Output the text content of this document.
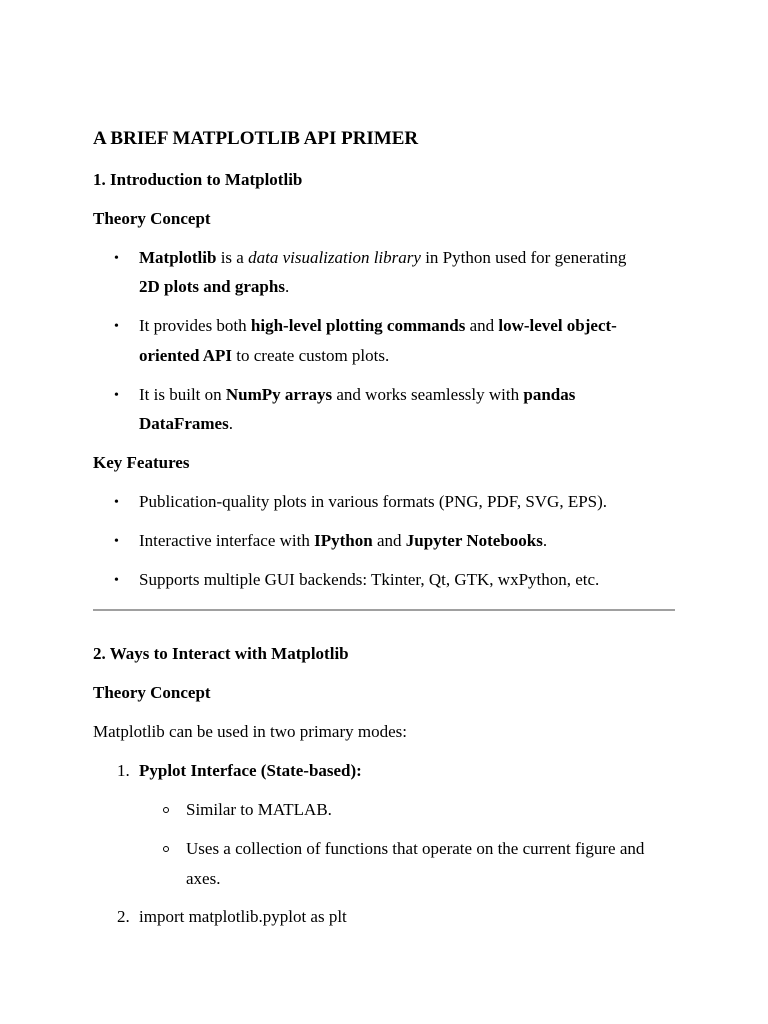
A BRIEF MATPLOTLIB API PRIMER
1. Introduction to Matplotlib
Theory Concept
• Matplotlib is a data visualization library in Python used for generating
2D plots and graphs.
• It provides both high-level plotting commands and low-level object-
oriented API to create custom plots.
• It is built on NumPy arrays and works seamlessly with pandas
DataFrames.
Key Features
• Publication-quality plots in various formats (PNG, PDF, SVG, EPS).
• Interactive interface with IPython and Jupyter Notebooks.
• Supports multiple GUI backends: Tkinter, Qt, GTK, wxPython, etc.
2. Ways to Interact with Matplotlib
Theory Concept
Matplotlib can be used in two primary modes:
1. Pyplot Interface (State-based):
Similar to MATLAB.
Uses a collection of functions that operate on the current figure and
axes.
2. import matplotlib.pyplot as plt
